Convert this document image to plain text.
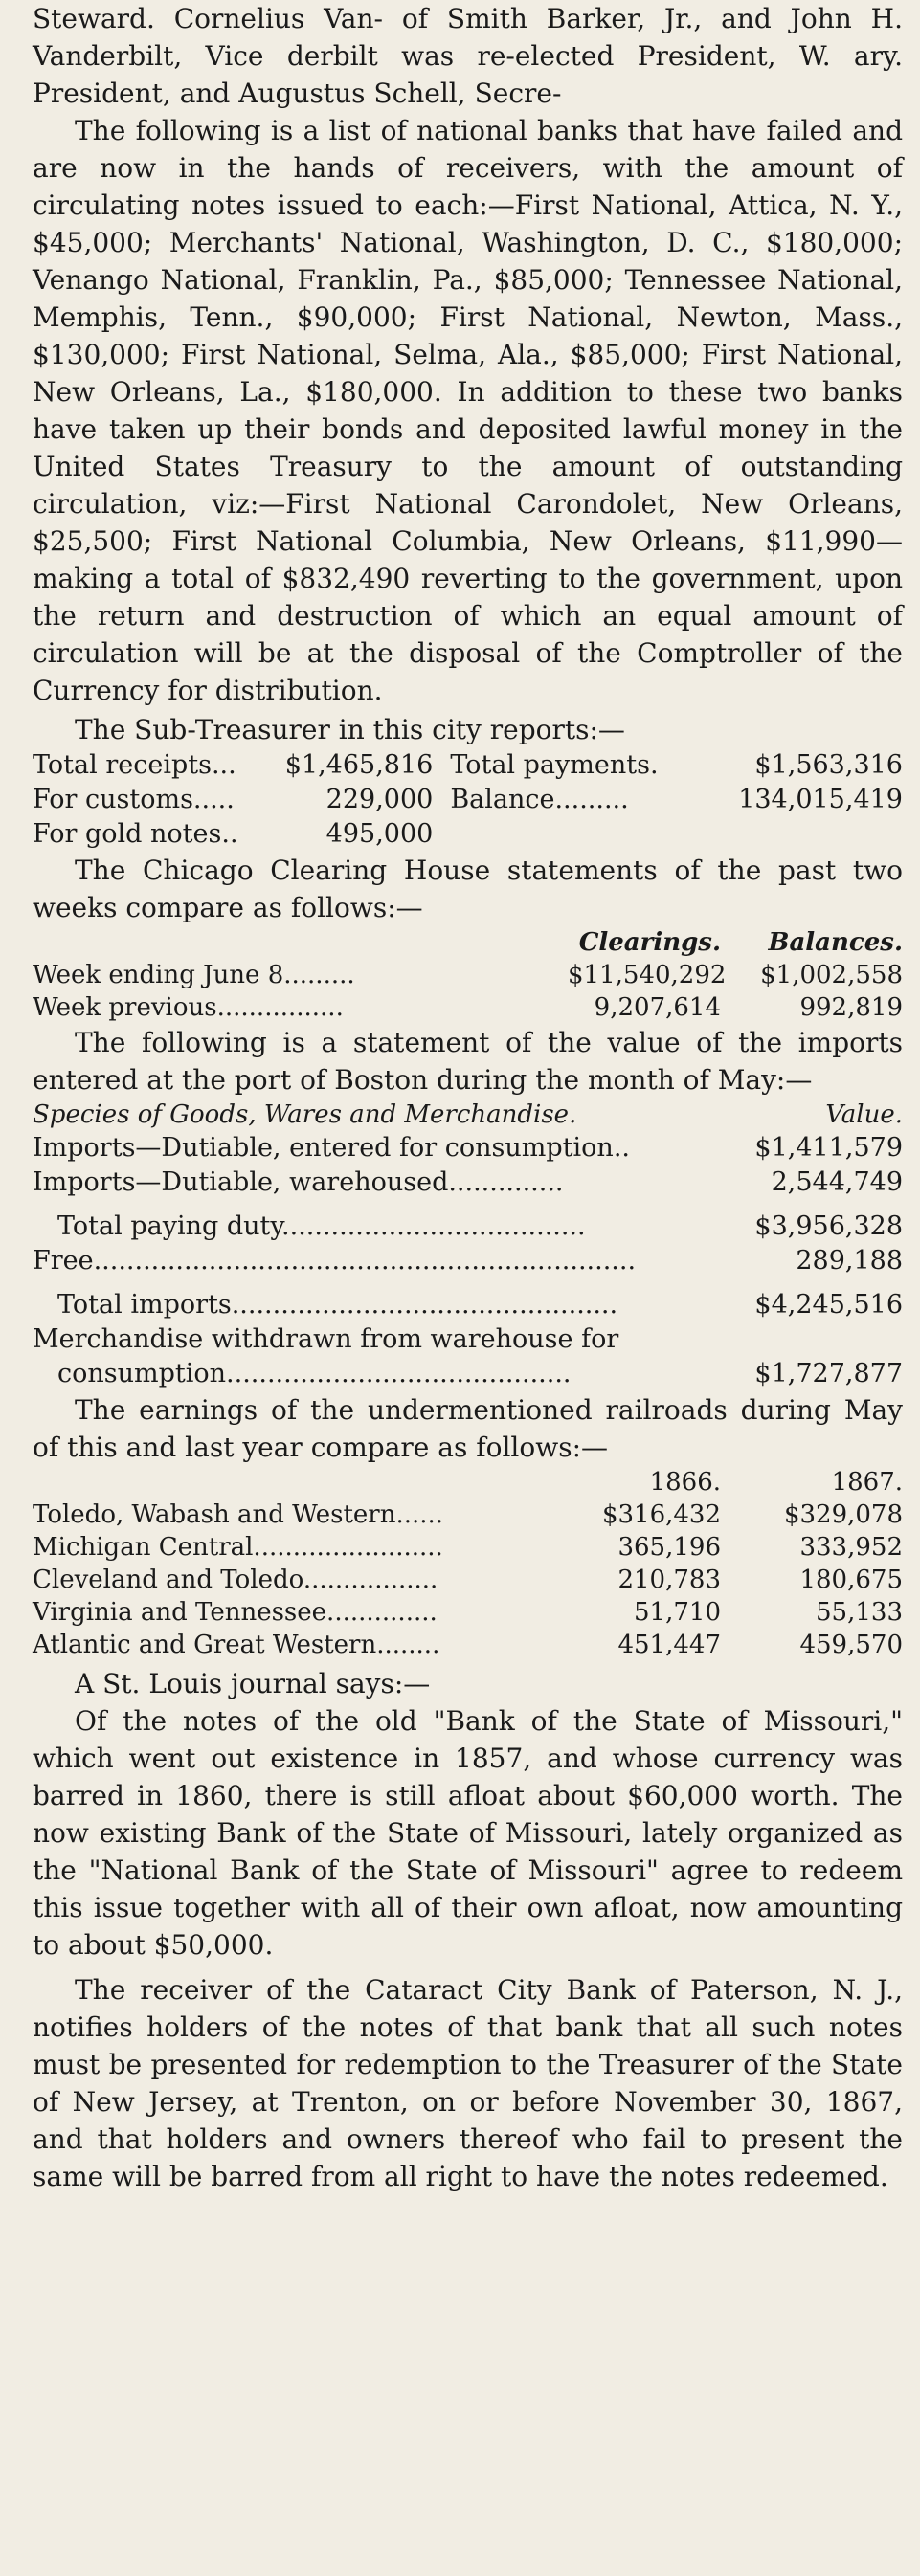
Steward. Cornelius Van- of Smith Barker, Jr., and John H. Vanderbilt, Vice derbilt was re-elected President, W. ary. President, and Augustus Schell, Secre-

The following is a list of national banks that have failed and are now in the hands of receivers, with the amount of circulating notes issued to each:—First National, Attica, N. Y., $45,000; Merchants' National, Washington, D. C., $180,000; Venango National, Franklin, Pa., $85,000; Tennessee National, Memphis, Tenn., $90,000; First National, Newton, Mass., $130,000; First National, Selma, Ala., $85,000; First National, New Orleans, La., $180,000. In addition to these two banks have taken up their bonds and deposited lawful money in the United States Treasury to the amount of outstanding circulation, viz:—First National Carondolet, New Orleans, $25,500; First National Columbia, New Orleans, $11,990—making a total of $832,490 reverting to the government, upon the return and destruction of which an equal amount of circulation will be at the disposal of the Comptroller of the Currency for distribution.

The Sub-Treasurer in this city reports:—

Total receipts... $1,465,816 Total payments.	$1,563,316
For customs.....	229,000 Balance.........	134,015,419
For gold notes..	495,000

The Chicago Clearing House statements of the past two weeks compare as follows:—

Clearings.	Balances.
Week ending June 8.........	$11,540,292	$1,002,558
Week previous................	9,207,614	992,819

The following is a statement of the value of the imports entered at the port of Boston during the month of May:—

Species of Goods, Wares and Merchandise.	Value.
Imports—Dutiable, entered for consumption..	$1,411,579
Imports—Dutiable, warehoused..............	2,544,749
Total paying duty.....................................	$3,956,328
Free..................................................................	289,188
Total imports...............................................	$4,245,516
Merchandise withdrawn from warehouse for
consumption..........................................	$1,727,877

The earnings of the undermentioned railroads during May of this and last year compare as follows:—

1866.	1867.
Toledo, Wabash and Western......	$316,432	$329,078
Michigan Central........................	365,196	333,952
Cleveland and Toledo.................	210,783	180,675
Virginia and Tennessee..............	51,710	55,133
Atlantic and Great Western........	451,447	459,570

A St. Louis journal says:—

Of the notes of the old "Bank of the State of Missouri," which went out existence in 1857, and whose currency was barred in 1860, there is still afloat about $60,000 worth. The now existing Bank of the State of Missouri, lately organized as the "National Bank of the State of Missouri" agree to redeem this issue together with all of their own afloat, now amounting to about $50,000.

The receiver of the Cataract City Bank of Paterson, N. J., notifies holders of the notes of that bank that all such notes must be presented for redemption to the Treasurer of the State of New Jersey, at Trenton, on or before November 30, 1867, and that holders and owners thereof who fail to present the same will be barred from all right to have the notes redeemed.
